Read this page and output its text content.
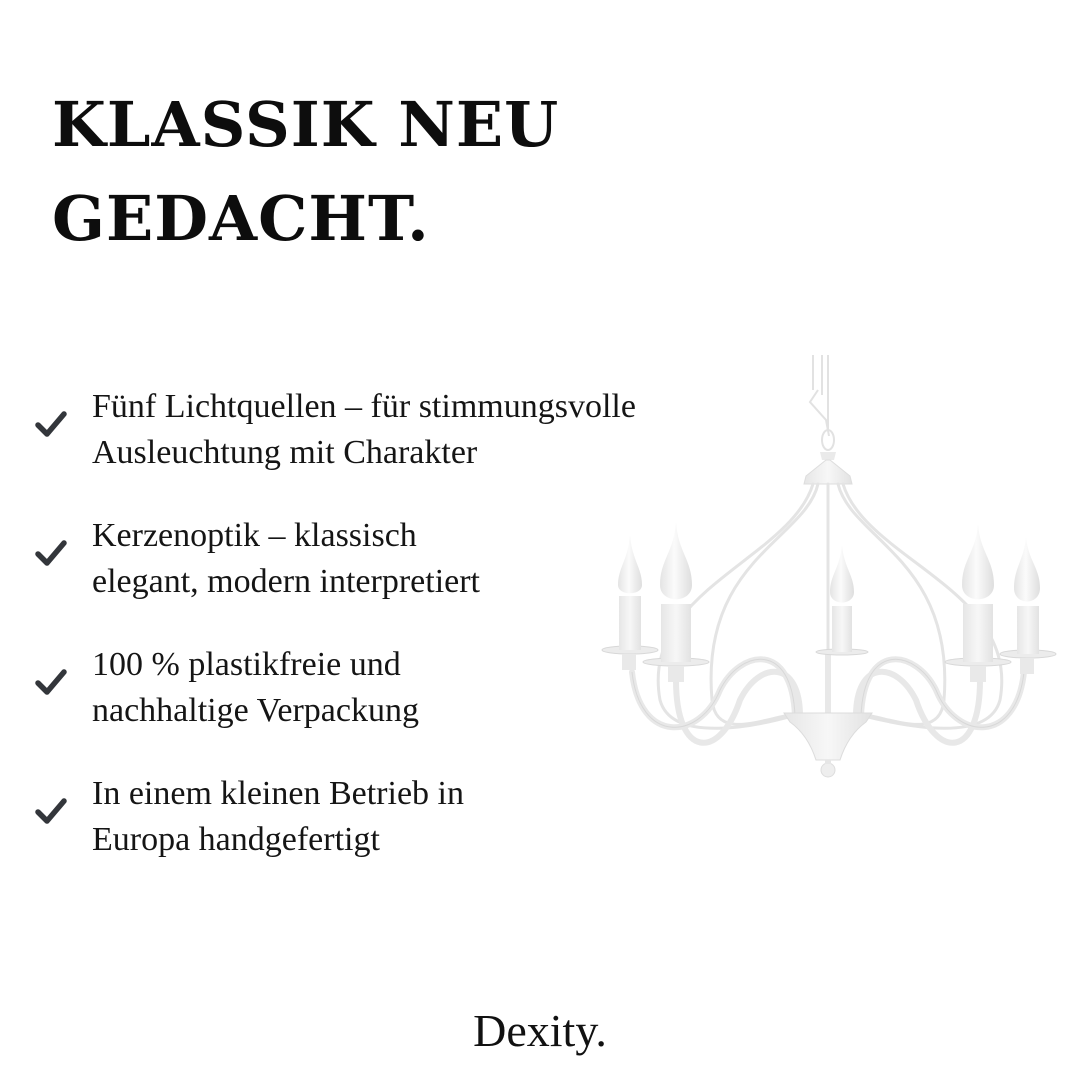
KLASSIK NEU
GEDACHT.
Fünf Lichtquellen – für stimmungsvolle
Ausleuchtung mit Charakter
Kerzenoptik – klassisch
elegant, modern interpretiert
100 % plastikfreie und
nachhaltige Verpackung
In einem kleinen Betrieb in
Europa handgefertigt
Dexity.
